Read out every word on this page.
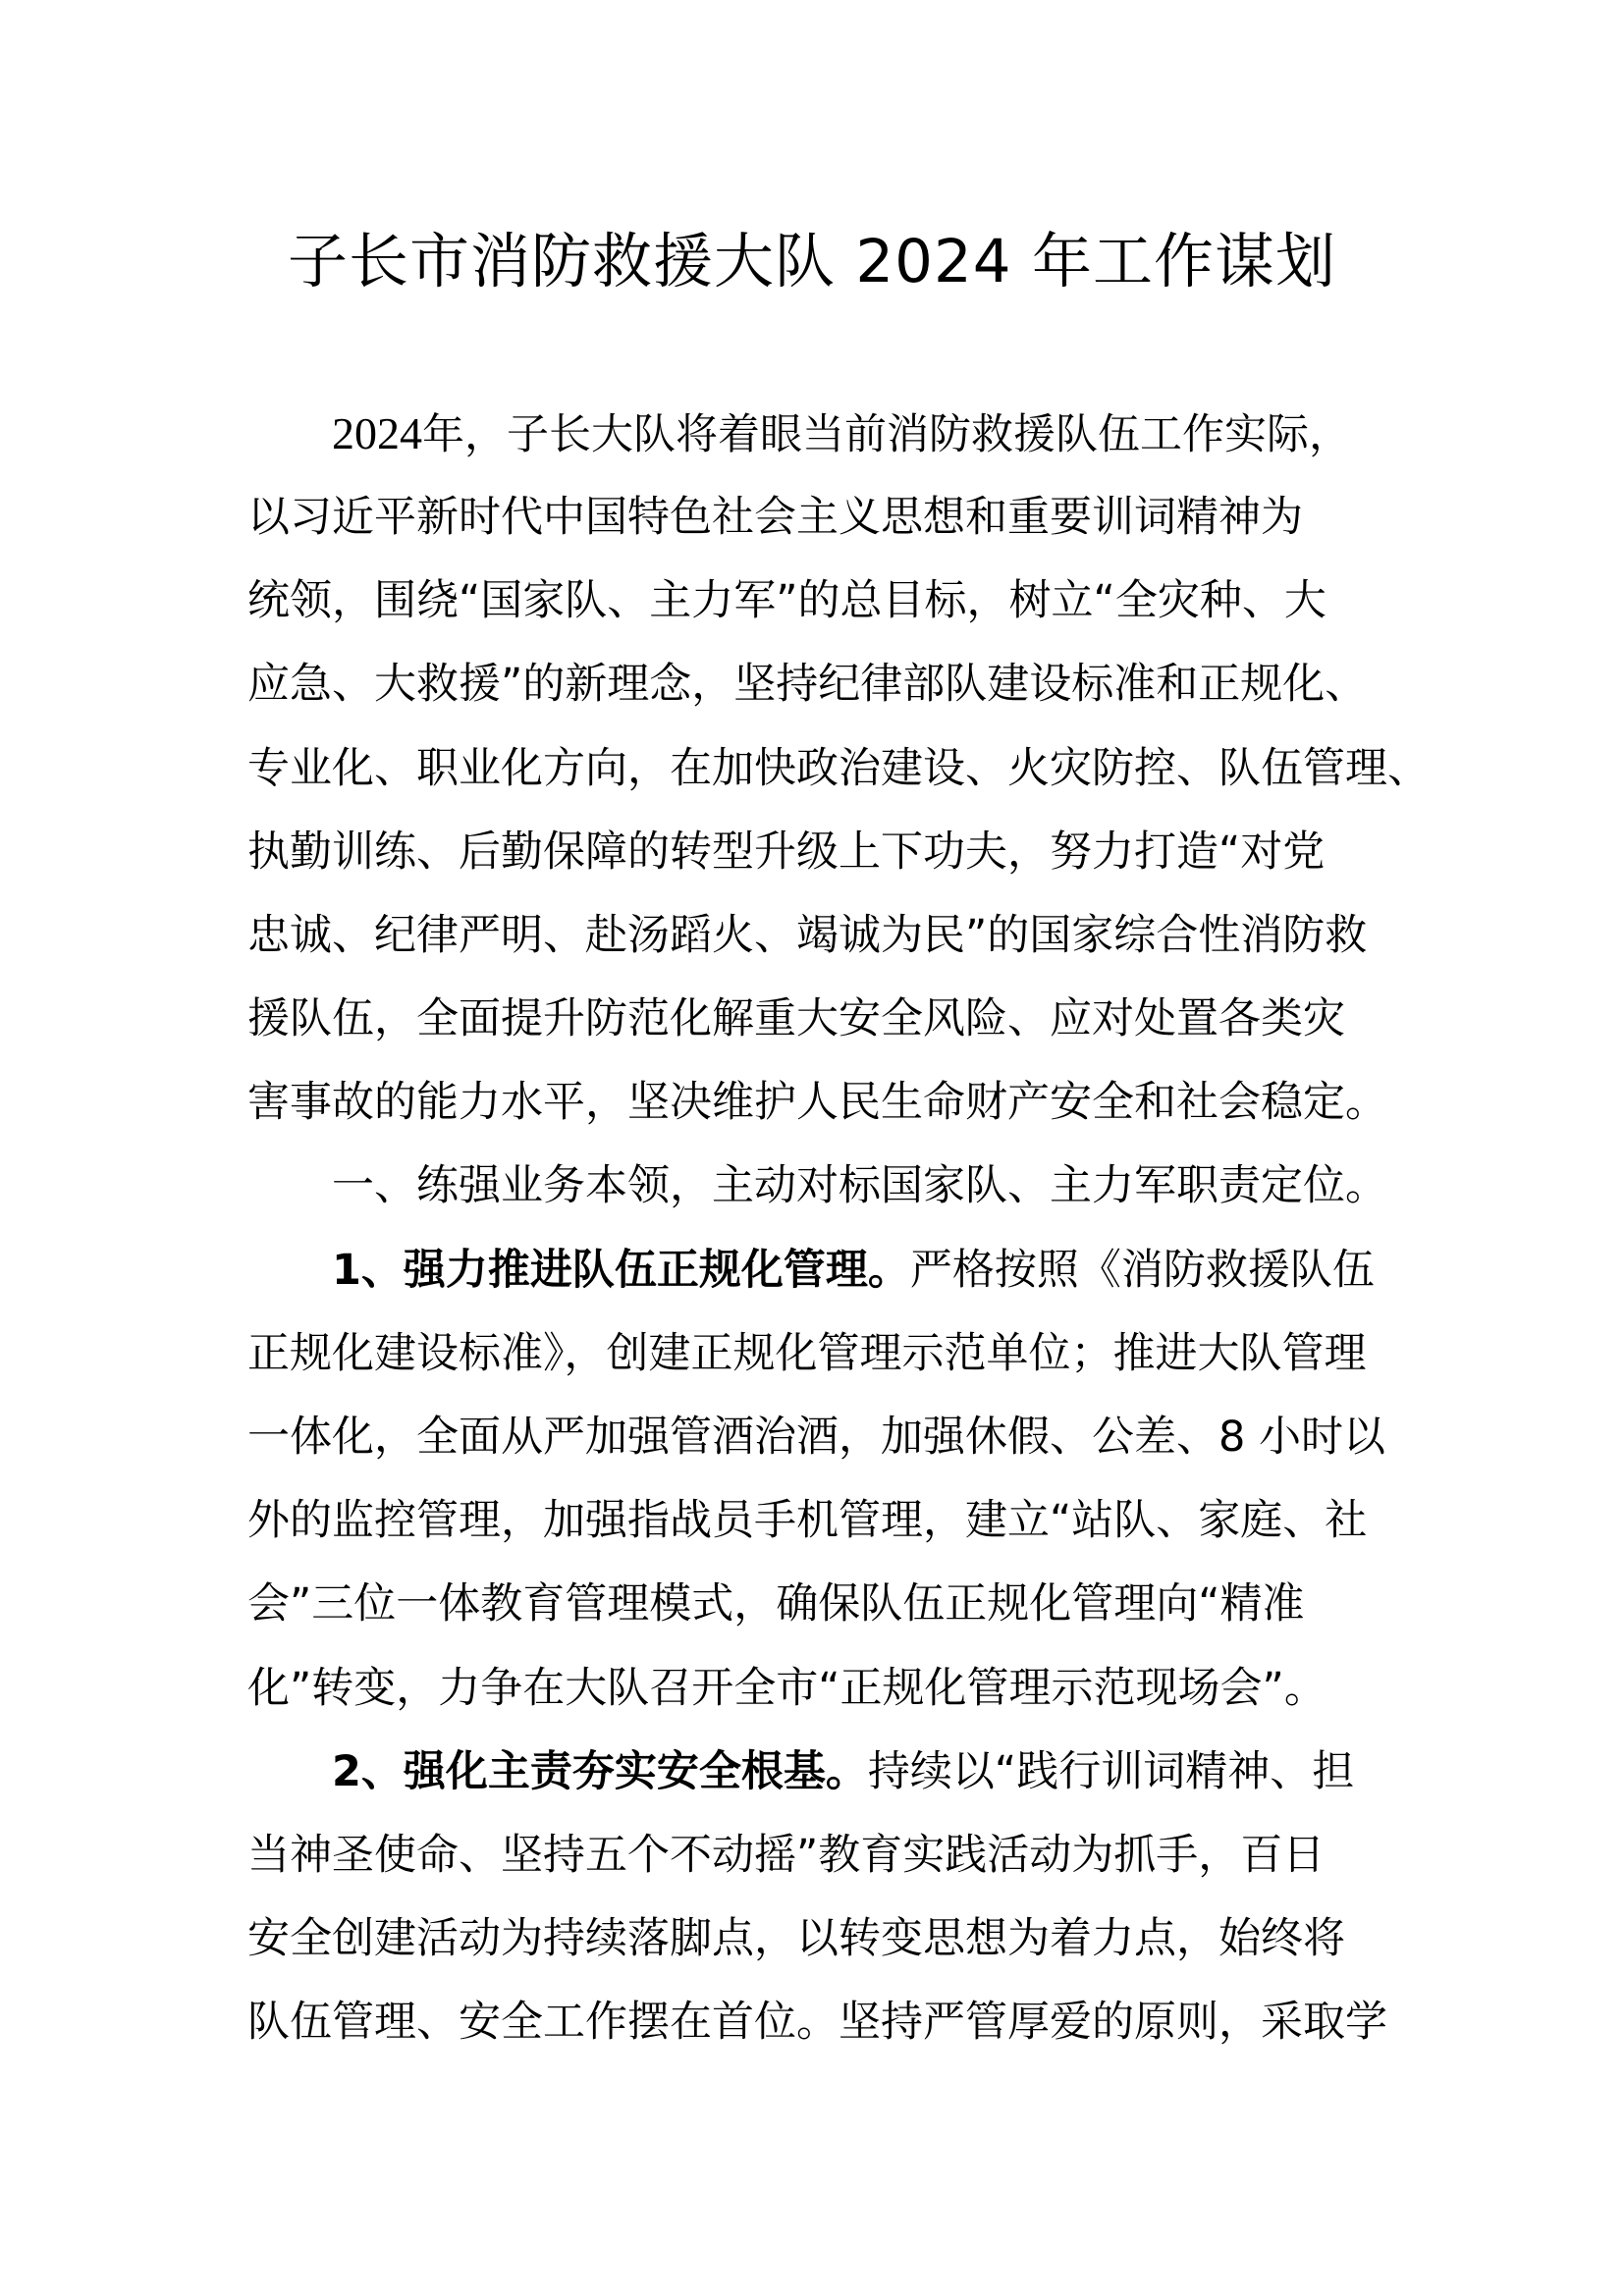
子长市消防救援大队 2024 年工作谋划
2024年，子长大队将着眼当前消防救援队伍工作实际，
以习近平新时代中国特色社会主义思想和重要训词精神为
统领，围绕“国家队、主力军”的总目标，树立“全灾种、大
应急、大救援”的新理念，坚持纪律部队建设标准和正规化、
专业化、职业化方向，在加快政治建设、火灾防控、队伍管理、
执勤训练、后勤保障的转型升级上下功夫，努力打造“对党
忠诚、纪律严明、赴汤蹈火、竭诚为民”的国家综合性消防救
援队伍，全面提升防范化解重大安全风险、应对处置各类灾
害事故的能力水平，坚决维护人民生命财产安全和社会稳定。
一、练强业务本领，主动对标国家队、主力军职责定位。
1、强力推进队伍正规化管理。严格按照《消防救援队伍
正规化建设标准》，创建正规化管理示范单位；推进大队管理
一体化，全面从严加强管酒治酒，加强休假、公差、8 小时以
外的监控管理，加强指战员手机管理，建立“站队、家庭、社
会”三位一体教育管理模式，确保队伍正规化管理向“精准
化”转变，力争在大队召开全市“正规化管理示范现场会”。
2、强化主责夯实安全根基。持续以“践行训词精神、担
当神圣使命、坚持五个不动摇”教育实践活动为抓手，百日
安全创建活动为持续落脚点，以转变思想为着力点，始终将
队伍管理、安全工作摆在首位。坚持严管厚爱的原则，采取学
